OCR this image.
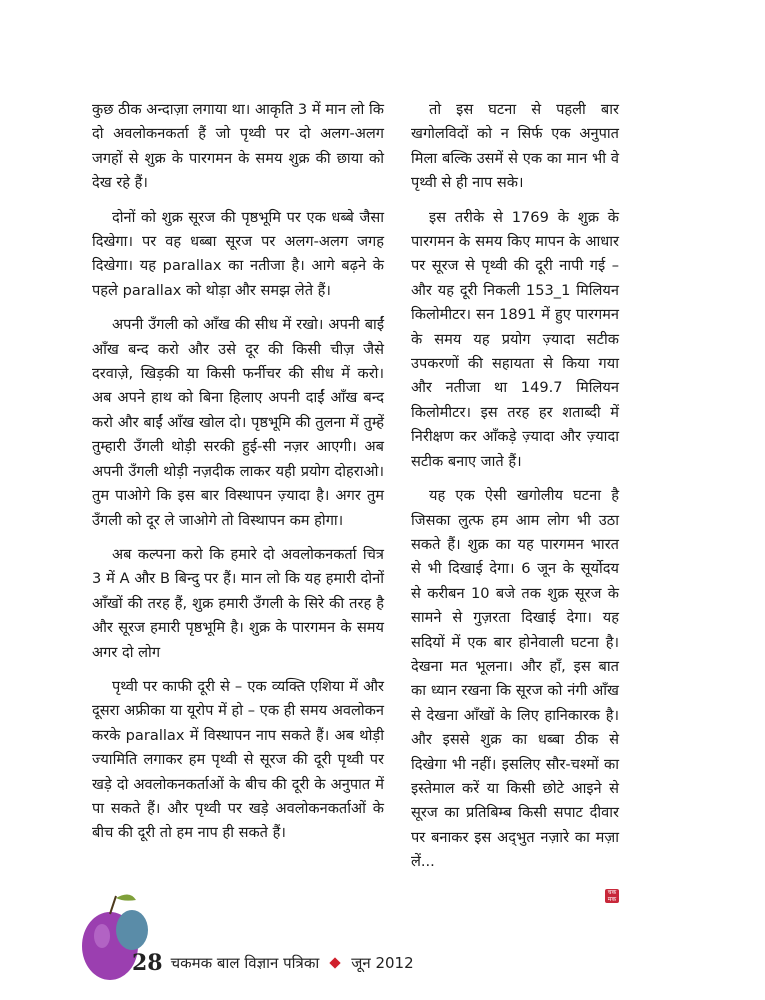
कुछ ठीक अन्दाज़ा लगाया था। आकृति 3 में मान लो कि दो अवलोकनकर्ता हैं जो पृथ्वी पर दो अलग-अलग जगहों से शुक्र के पारगमन के समय शुक्र की छाया को देख रहे हैं।

दोनों को शुक्र सूरज की पृष्ठभूमि पर एक धब्बे जैसा दिखेगा। पर वह धब्बा सूरज पर अलग-अलग जगह दिखेगा। यह parallax का नतीजा है। आगे बढ़ने के पहले parallax को थोड़ा और समझ लेते हैं।

अपनी उँगली को आँख की सीध में रखो। अपनी बाईं आँख बन्द करो और उसे दूर की किसी चीज़ जैसे दरवाज़े, खिड़की या किसी फर्नीचर की सीध में करो। अब अपने हाथ को बिना हिलाए अपनी दाईं आँख बन्द करो और बाईं आँख खोल दो। पृष्ठभूमि की तुलना में तुम्हें तुम्हारी उँगली थोड़ी सरकी हुई-सी नज़र आएगी। अब अपनी उँगली थोड़ी नज़दीक लाकर यही प्रयोग दोहराओ। तुम पाओगे कि इस बार विस्थापन ज़्यादा है। अगर तुम उँगली को दूर ले जाओगे तो विस्थापन कम होगा।

अब कल्पना करो कि हमारे दो अवलोकनकर्ता चित्र 3 में A और B बिन्दु पर हैं। मान लो कि यह हमारी दोनों आँखों की तरह हैं, शुक्र हमारी उँगली के सिरे की तरह है और सूरज हमारी पृष्ठभूमि है। शुक्र के पारगमन के समय अगर दो लोग

पृथ्वी पर काफी दूरी से – एक व्यक्ति एशिया में और दूसरा अफ्रीका या यूरोप में हो – एक ही समय अवलोकन करके parallax में विस्थापन नाप सकते हैं। अब थोड़ी ज्यामिति लगाकर हम पृथ्वी से सूरज की दूरी पृथ्वी पर खड़े दो अवलोकनकर्ताओं के बीच की दूरी के अनुपात में पा सकते हैं। और पृथ्वी पर खड़े अवलोकनकर्ताओं के बीच की दूरी तो हम नाप ही सकते हैं।

तो इस घटना से पहली बार खगोलविदों को न सिर्फ एक अनुपात मिला बल्कि उसमें से एक का मान भी वे पृथ्वी से ही नाप सके।

इस तरीके से 1769 के शुक्र के पारगमन के समय किए मापन के आधार पर सूरज से पृथ्वी की दूरी नापी गई – और यह दूरी निकली 153_1 मिलियन किलोमीटर। सन 1891 में हुए पारगमन के समय यह प्रयोग ज़्यादा सटीक उपकरणों की सहायता से किया गया और नतीजा था 149.7 मिलियन किलोमीटर। इस तरह हर शताब्दी में निरीक्षण कर आँकड़े ज़्यादा और ज़्यादा सटीक बनाए जाते हैं।

यह एक ऐसी खगोलीय घटना है जिसका लुत्फ हम आम लोग भी उठा सकते हैं। शुक्र का यह पारगमन भारत से भी दिखाई देगा। 6 जून के सूर्योदय से करीबन 10 बजे तक शुक्र सूरज के सामने से गुज़रता दिखाई देगा। यह सदियों में एक बार होनेवाली घटना है। देखना मत भूलना। और हाँ, इस बात का ध्यान रखना कि सूरज को नंगी आँख से देखना आँखों के लिए हानिकारक है। और इससे शुक्र का धब्बा ठीक से दिखेगा भी नहीं। इसलिए सौर-चश्मों का इस्तेमाल करें या किसी छोटे आइने से सूरज का प्रतिबिम्ब किसी सपाट दीवार पर बनाकर इस अद्‌भुत नज़ारे का मज़ा लें...

चक मक
28 चकमक बाल विज्ञान पत्रिका जून 2012
